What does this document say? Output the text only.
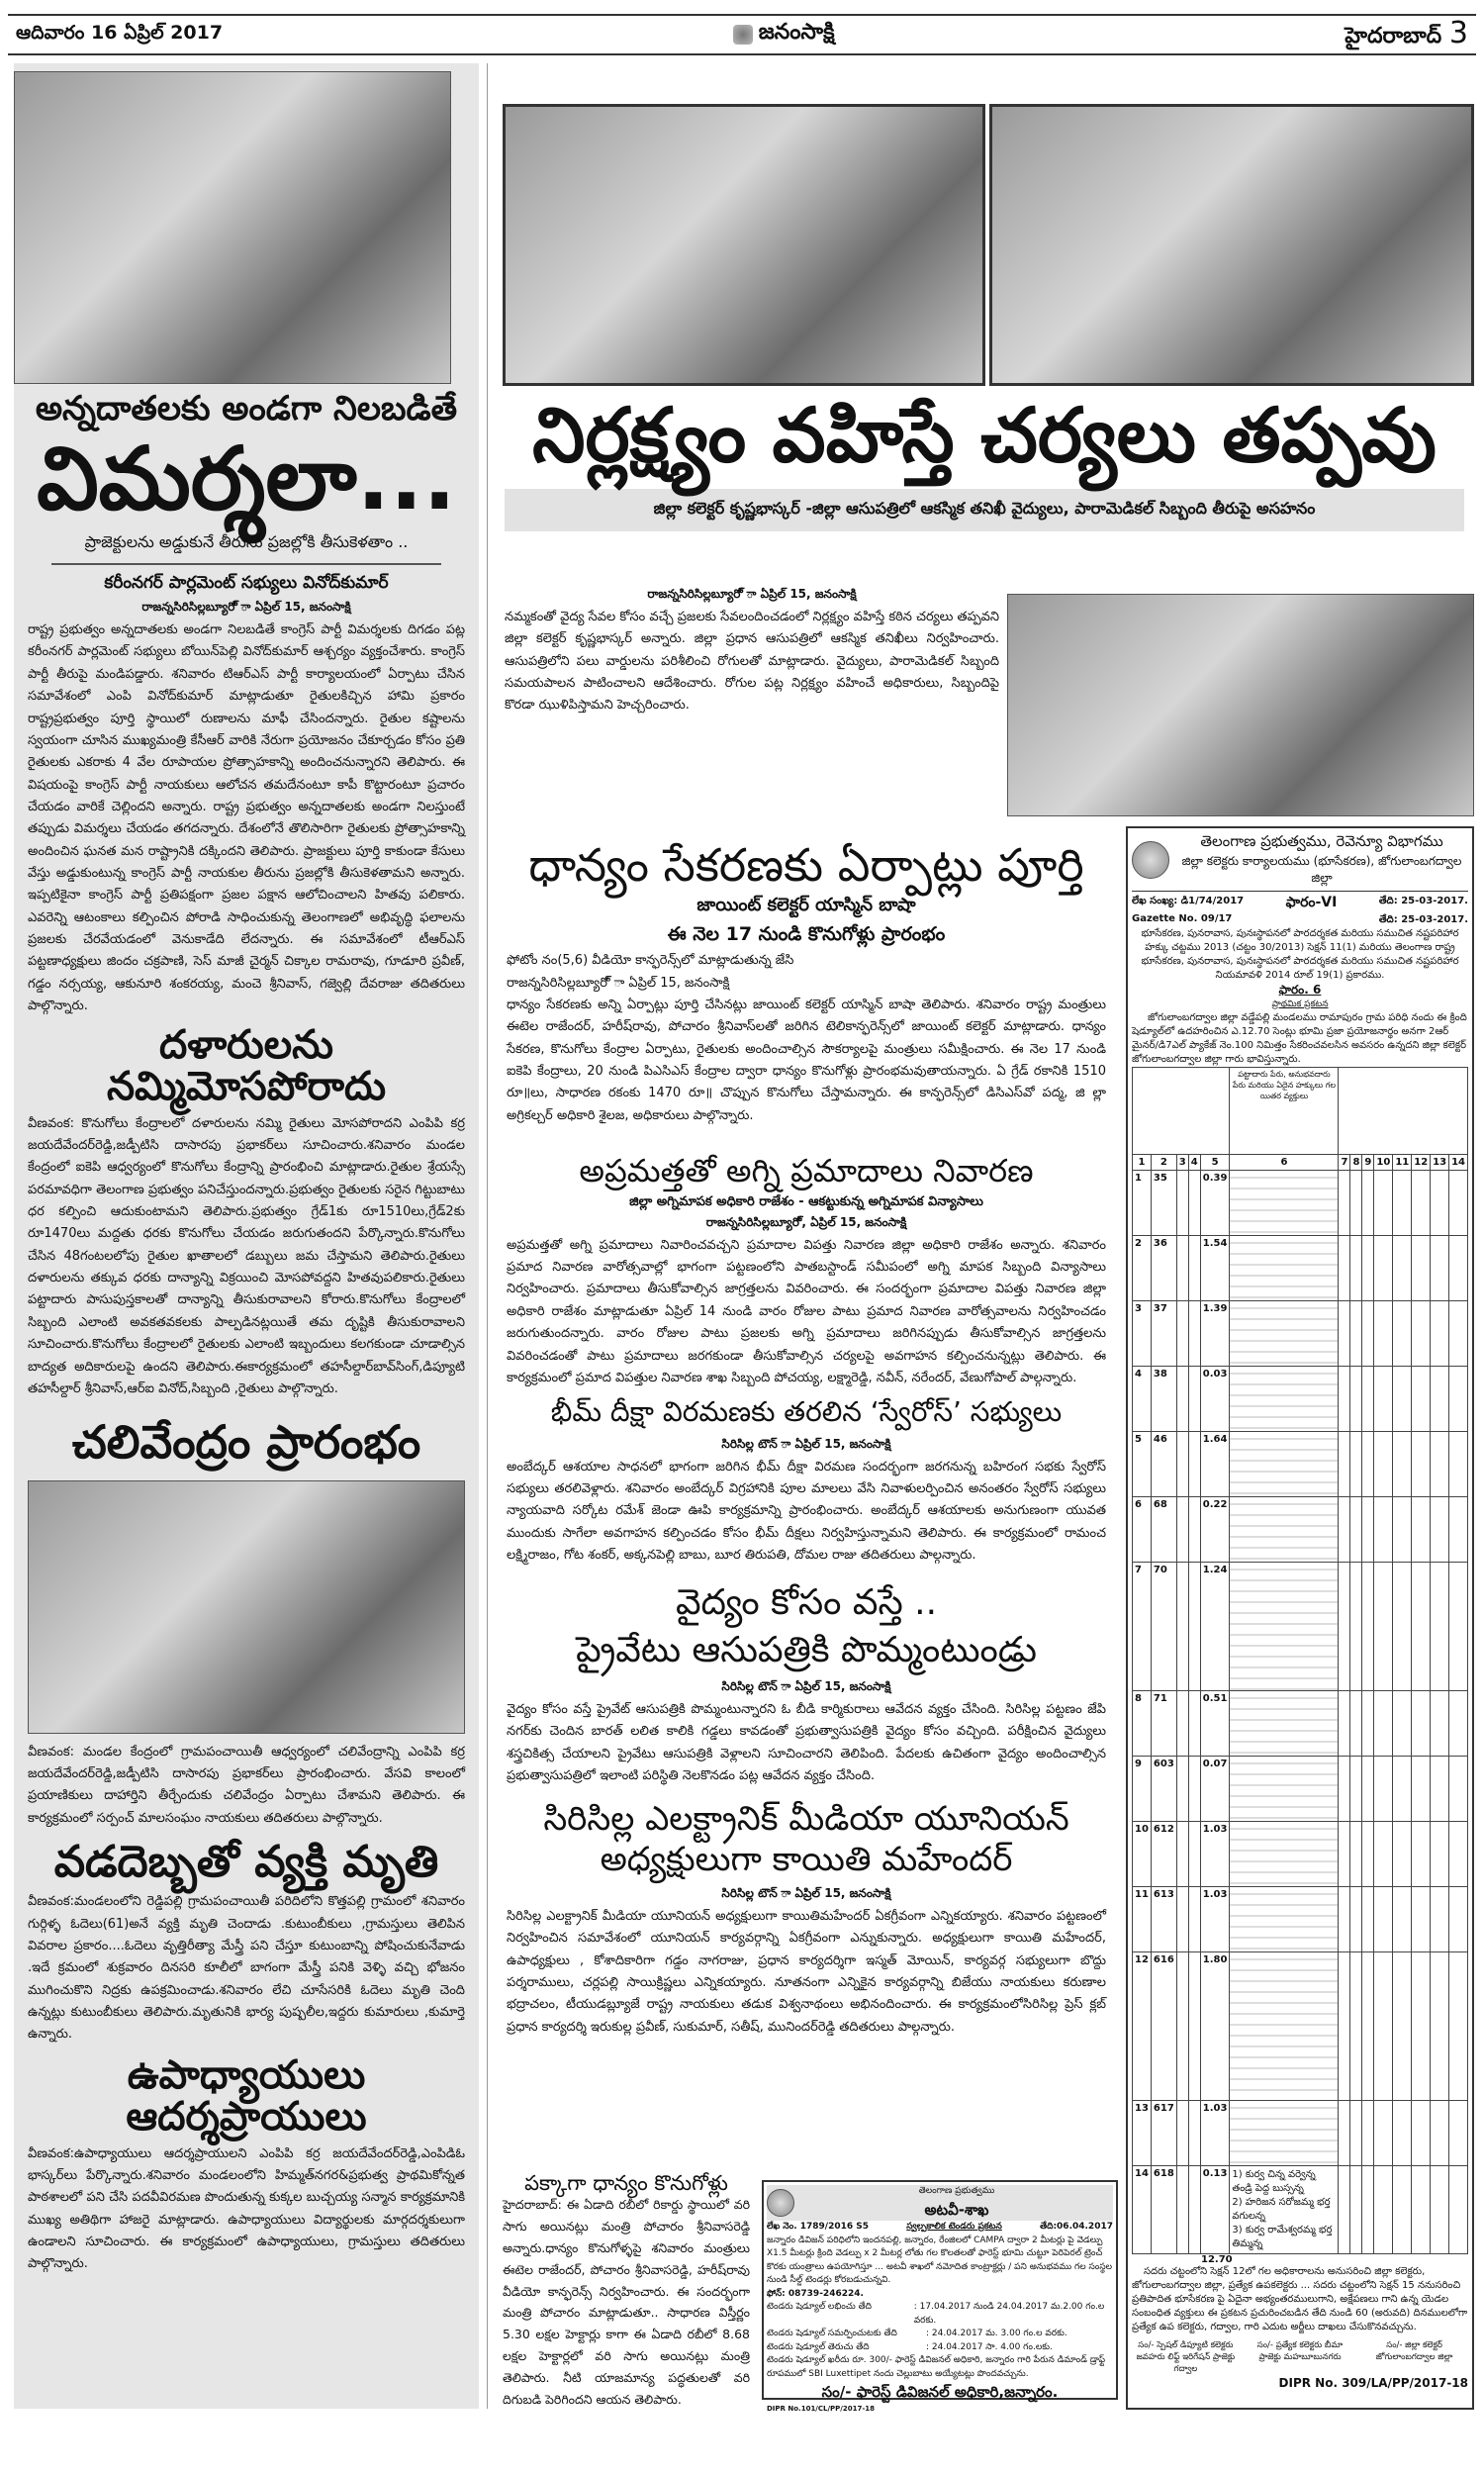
ఆదివారం 16 ఏప్రిల్ 2017	జనంసాక్షి	హైదరాబాద్ 3
అన్నదాతలకు అండగా నిలబడితే
విమర్శలా...
ప్రాజెక్టులను అడ్డుకునే తీరును ప్రజల్లోకి తీసుకెళతాం ..
కరీంనగర్ పార్లమెంట్ సభ్యులు వినోద్‌కుమార్
రాజన్నసిరిసిల్లబ్యూరో్ ా ఏప్రిల్ 15, జనంసాక్షి
రాష్ట్ర ప్రభుత్వం అన్నదాతలకు అండగా నిలబడితే కాంగ్రెస్ పార్టీ విమర్శలకు దిగడం పట్ల కరీంనగర్ పార్లమెంట్ సభ్యులు బోయిన్‌పెల్లి వినోద్‌కుమార్ ఆశ్చర్యం వ్యక్తంచేశారు. కాంగ్రెస్ పార్టీ తీరుపై మండిపడ్డారు. శనివారం టిఆర్ఎస్ పార్టీ కార్యాలయంలో ఏర్పాటు చేసిన సమావేశంలో ఎంపి వినోద్‌కుమార్ మాట్లాడుతూ రైతులకిచ్చిన హామి ప్రకారం రాష్ట్రప్రభుత్వం పూర్తి స్థాయిలో రుణాలను మాఫీ చేసిందన్నారు. రైతుల కష్టాలను స్వయంగా చూసిన ముఖ్యమంత్రి కేసీఆర్ వారికి నేరుగా ప్రయోజనం చేకూర్చడం కోసం ప్రతి రైతులకు ఎకరాకు 4 వేల రూపాయల ప్రోత్సాహకాన్ని అందించనున్నారని తెలిపారు. ఈ విషయంపై కాంగ్రెస్ పార్టీ నాయకులు ఆలోచన తమదేనంటూ కాపీ కొట్టారంటూ ప్రచారం చేయడం వారికే చెల్లిందని అన్నారు. రాష్ట్ర ప్రభుత్వం అన్నదాతలకు అండగా నిలస్తుంటే తప్పుడు విమర్శలు చేయడం తగదన్నారు. దేశంలోనే తొలిసారిగా రైతులకు ప్రోత్సాహకాన్ని అందించిన ఘనత మన రాష్ట్రానికి దక్కిందని తెలిపారు. ప్రాజక్టులు పూర్తి కాకుండా కేసులు వేస్తు అడ్డుకుంటున్న కాంగ్రెస్ పార్టీ నాయకుల తీరును ప్రజల్లోకి తీసుకెళతామని అన్నారు. ఇప్పటికైనా కాంగ్రెస్ పార్టీ ప్రతిపక్షంగా ప్రజల పక్షాన ఆలోచించాలని హితవు పలికారు. ఎవరెన్ని ఆటంకాలు కల్పించిన పోరాడి సాధించుకున్న తెలంగాణలో అభివృద్ధి ఫలాలను ప్రజలకు చేరవేయడంలో వెనుకాడేది లేదన్నారు. ఈ సమావేశంలో టీఆర్ఎస్ పట్టణాధ్యక్షులు జిందం చక్రపాణి, సెస్ మాజీ చైర్మన్ చిక్కాల రామరావు, గూడూరి ప్రవీణ్, గడ్డం నర్సయ్య, ఆకునూరి శంకరయ్య, మంచె శ్రీనివాస్, గజ్వెల్లి దేవరాజు తదితరులు పాల్గొన్నారు.
దళారులను నమ్మిమోసపోరాదు
వీణవంక: కొనుగోలు కేంద్రాలలో దళారులను నమ్మి రైతులు మోసపోరాదని ఎంపిపి కర్ర జయదేవేందర్‌రెడ్డి,జడ్పీటిసి దాసారపు ప్రభాకర్‌లు సూచించారు.శనివారం మండల కేంద్రంలో ఐకెపి ఆధ్వర్యంలో కొనుగోలు కేంద్రాన్ని ప్రారంభించి మాట్లాడారు.రైతుల శ్రేయస్సే పరమావధిగా తెలంగాణ ప్రభుత్వం పనిచేస్తుందన్నారు.ప్రభుత్వం రైతులకు సరైన గిట్టుబాటు ధర కల్పించి ఆదుకుంటామని తెలిపారు.ప్రభుత్వం గ్రేడ్1కు రూ1510లు,గ్రేడ్2కు రూ1470లు మద్దతు ధరకు కొనుగోలు చేయడం జరుగుతందని పేర్కొన్నారు.కొనుగోలు చేసిన 48గంటలలోపు రైతుల ఖాతాలలో డబ్బులు జమ చేస్తామని తెలిపారు.రైతులు దళారులను తక్కువ ధరకు దాన్యాన్ని విక్రయించి మోసపోవద్దని హితవుపలికారు.రైతులు పట్టాదారు పాసుపుస్తకాలతో దాన్యాన్ని తీసుకురావాలని కోరారు.కొనుగోలు కేంద్రాలలో సిబ్బంది ఎలాంటి అవకతవకలకు పాల్పడినట్లయితే తమ దృష్టికి తీసుకురావాలని సూచించారు.కొనుగోలు కేంద్రాలలో రైతులకు ఎలాంటి ఇబ్బందులు కలగకుండా చూడాల్సిన బాద్యత అదికారులపై ఉందని తెలిపారు.ఈకార్యక్రమంలో తహసీల్దార్‌బావ్‌సింగ్,డిప్యూటి తహసీల్దార్ శ్రీనివాస్,ఆర్‌ఐ వినోద్,సిబ్బంది ,రైతులు పాల్గొన్నారు.
చలివేంద్రం ప్రారంభం
వీణవంక: మండల కేంద్రంలో గ్రామపంచాయితీ ఆధ్వర్యంలో చలివేంద్రాన్ని ఎంపిపి కర్ర జయదేవేందర్‌రెడ్డి,జడ్పీటిసి దాసారపు ప్రభాకర్‌లు ప్రారంభించారు. వేసవి కాలంలో ప్రయాణికులు దాహార్తిని తీర్చేందుకు చలివేంద్రం ఏర్పాటు చేశామని తెలిపారు. ఈ కార్యక్రమంలో సర్పంచ్ మాలసంఘం నాయకులు తదితరులు పాల్గొన్నారు.
వడదెబ్బతో వ్యక్తి మృతి
వీణవంక:మండలంలోని రెడ్డిపల్లి గ్రామపంచాయితీ పరిదిలోని కొత్తపల్లి గ్రామంలో శనివారం గుర్గిళ్ళ ఓదెలు(61)అనే వ్యక్తి మృతి చెందాడు .కుటుంబీకులు ,గ్రామస్తులు తెలిపిన వివరాల ప్రకారం....ఓదెలు వృత్తిరీత్యా మేస్త్రీ పని చేస్తూ కుటుంబాన్ని పోషించుకునేవాడు .ఇదే క్రమంలో శుక్రవారం దినసరి కూలీలో బాగంగా మేస్త్రీ పనికి వెళ్ళి వచ్చి భోజనం ముగించుకొని నిద్రకు ఉపక్రమించాడు.శనివారం లేచి చూసేసరికి ఓదెలు మృతి చెంది ఉన్నట్లు కుటుంబీకులు తెలిపారు.మృతునికి భార్య పుష్పలీల,ఇద్దరు కుమారులు ,కుమార్తె ఉన్నారు.
ఉపాధ్యాయులు ఆదర్శప్రాయులు
వీణవంక:ఉపాధ్యాయులు ఆదర్శప్రాయులని ఎంపిపి కర్ర జయదేవేందర్‌రెడ్డి,ఎంపిడిఓ భాస్కర్‌లు పేర్కొన్నారు.శనివారం మండలంలోని హిమ్మత్‌నగర&ప్రభుత్వ ప్రాథమికోన్నత పాఠశాలలో పని చేసి పదవీవిరమణ పొందుతున్న కుక్కల బుచ్చయ్య సన్మాన కార్యక్రమానికి ముఖ్య అతిథిగా హాజరై మాట్లాడారు. ఉపాధ్యాయులు విద్యార్థులకు మార్గదర్శకులుగా ఉండాలని సూచించారు. ఈ కార్యక్రమంలో ఉపాధ్యాయులు, గ్రామస్తులు తదితరులు పాల్గొన్నారు.
నిర్లక్ష్యం వహిస్తే చర్యలు తప్పవు
జిల్లా కలెక్టర్ కృష్ణభాస్కర్ -జిల్లా ఆసుపత్రిలో ఆకస్మిక తనిఖీ వైద్యులు, పారామెడికల్ సిబ్బంది తీరుపై అసహనం
రాజన్నసిరిసిల్లబ్యూరో్ ా ఏప్రిల్ 15, జనంసాక్షి
నమ్మకంతో వైద్య సేవల కోసం వచ్చే ప్రజలకు సేవలందించడంలో నిర్లక్ష్యం వహిస్తే కఠిన చర్యలు తప్పవని జిల్లా కలెక్టర్ కృష్ణభాస్కర్ అన్నారు. జిల్లా ప్రధాన ఆసుపత్రిలో ఆకస్మిక తనిఖీలు నిర్వహించారు. ఆసుపత్రిలోని పలు వార్డులను పరిశీలించి రోగులతో మాట్లాడారు. వైద్యులు, పారామెడికల్ సిబ్బంది సమయపాలన పాటించాలని ఆదేశించారు. రోగుల పట్ల నిర్లక్ష్యం వహించే అధికారులు, సిబ్బందిపై కొరడా ఝుళిపిస్తామని హెచ్చరించారు.
ధాన్యం సేకరణకు ఏర్పాట్లు పూర్తి
జాయింట్ కలెక్టర్ యాస్మిన్ బాషా
ఈ నెల 17 నుండి కొనుగోళ్లు ప్రారంభం
ఫోటోం నం(5,6) వీడియో కాన్ఫరెన్స్‌లో మాట్లాడుతున్న జేసి
రాజన్నసిరిసిల్లబ్యూరో్ ా ఏప్రిల్ 15, జనంసాక్షి
ధాన్యం సేకరణకు అన్ని ఏర్పాట్లు పూర్తి చేసినట్లు జాయింట్ కలెక్టర్ యాస్మిన్ బాషా తెలిపారు. శనివారం రాష్ట్ర మంత్రులు ఈటెల రాజేందర్, హరీష్‌రావు, పోచారం శ్రీనివాస్‌లతో జరిగిన టెలికాన్ఫరెన్స్‌లో జాయింట్ కలెక్టర్ మాట్లాడారు. ధాన్యం సేకరణ, కొనుగోలు కేంద్రాల ఏర్పాటు, రైతులకు అందించాల్సిన సౌకర్యాలపై మంత్రులు సమీక్షించారు. ఈ నెల 17 నుండి ఐకెపి కేంద్రాలు, 20 నుండి పిఎసిఎస్ కేంద్రాల ద్వారా ధాన్యం కొనుగోళ్లు ప్రారంభమవుతాయన్నారు. ఏ గ్రేడ్ రకానికి 1510 రూ॥లు, సాధారణ రకంకు 1470 రూ॥ చొప్పున కొనుగోలు చేస్తామన్నారు. ఈ కాన్ఫరెన్స్‌లో డిసిఎస్‌వో పద్మ, జి ల్లా అగ్రికల్చర్ అధికారి శైలజ, అధికారులు పాల్గొన్నారు.
అప్రమత్తతో అగ్ని ప్రమాదాలు నివారణ
జిల్లా అగ్నిమాపక అధికారి రాజేశం - ఆకట్టుకున్న అగ్నిమాపక విన్యాసాలు
రాజన్నసిరిసిల్లబ్యూరో్, ఏప్రిల్ 15, జనంసాక్షి
అప్రమత్తతో అగ్ని ప్రమాదాలు నివారించవచ్చని ప్రమాదాల విపత్తు నివారణ జిల్లా అధికారి రాజేశం అన్నారు. శనివారం ప్రమాద నివారణ వారోత్సవాల్లో భాగంగా పట్టణంలోని పాతబస్టాండ్ సమీపంలో అగ్ని మాపక సిబ్బంది విన్యాసాలు నిర్వహించారు. ప్రమాదాలు తీసుకోవాల్సిన జాగ్రత్తలను వివరించారు. ఈ సందర్భంగా ప్రమాదాల విపత్తు నివారణ జిల్లా అధికారి రాజేశం మాట్లాడుతూ ఏప్రిల్ 14 నుండి వారం రోజుల పాటు ప్రమాద నివారణ వారోత్సవాలను నిర్వహించడం జరుగుతుందన్నారు. వారం రోజుల పాటు ప్రజలకు అగ్ని ప్రమాదాలు జరిగినప్పుడు తీసుకోవాల్సిన జాగ్రత్తలను వివరించడంతో పాటు ప్రమాదాలు జరగకుండా తీసుకోవాల్సిన చర్యలపై అవగాహన కల్పించనున్నట్లు తెలిపారు. ఈ కార్యక్రమంలో ప్రమాద విపత్తుల నివారణ శాఖ సిబ్బంది పోచయ్య, లక్ష్మారెడ్డి, నవీన్, నరేందర్, వేణుగోపాల్ పాల్గన్నారు.
భీమ్ దీక్షా విరమణకు తరలిన ‘స్వేరోస్’ సభ్యులు
సిరిసిల్ల టౌన్ ా ఏప్రిల్ 15, జనంసాక్షి
అంబేద్కర్ ఆశయాల సాధనలో భాగంగా జరిగిన భీమ్ దీక్షా విరమణ సందర్భంగా జరగనున్న బహిరంగ సభకు స్వేరోస్ సభ్యులు తరలివెళ్లారు. శనివారం అంబేద్కర్ విగ్రహానికి పూల మాలలు వేసి నివాళులర్పించిన అనంతరం స్వేరోస్ సభ్యులు న్యాయవాది సర్కోట రమేశ్ జెండా ఊపి కార్యక్రమాన్ని ప్రారంభించారు. అంబేద్కర్ ఆశయాలకు అనుగుణంగా యువత ముందుకు సాగేలా అవగాహన కల్పించడం కోసం భీమ్ దీక్షలు నిర్వహిస్తున్నామని తెలిపారు. ఈ కార్యక్రమంలో రామంచ లక్ష్మిరాజం, గోట శంకర్, అక్కనపెల్లి బాబు, బూర తిరుపతి, దోమల రాజు తదితరులు పాల్గన్నారు.
వైద్యం కోసం వస్తే ..
ప్రైవేటు ఆసుపత్రికి పొమ్మంటుండ్రు
సిరిసిల్ల టౌన్ ా ఏప్రిల్ 15, జనంసాక్షి
వైద్యం కోసం వస్తే ప్రైవేట్ ఆసుపత్రికి పొమ్మంటున్నారని ఓ బీడి కార్మికురాలు ఆవేదన వ్యక్తం చేసింది. సిరిసిల్ల పట్టణం జేపి నగర్‌కు చెందిన బారత్ లలిత కాలికి గడ్డలు కావడంతో ప్రభుత్వాసుపత్రికి వైద్యం కోసం వచ్చింది. పరీక్షించిన వైద్యులు శస్త్రచికిత్స చేయాలని ప్రైవేటు ఆసుపత్రికి వెళ్లాలని సూచించారని తెలిపింది. పేదలకు ఉచితంగా వైద్యం అందించాల్సిన ప్రభుత్వాసుపత్రిలో ఇలాంటి పరిస్థితి నెలకొనడం పట్ల ఆవేదన వ్యక్తం చేసింది.
సిరిసిల్ల ఎలక్ట్రానిక్ మీడియా యూనియన్
అధ్యక్షులుగా కాయితి మహేందర్
సిరిసిల్ల టౌన్ ా ఏప్రిల్ 15, జనంసాక్షి
సిరిసిల్ల ఎలక్ట్రానిక్ మీడియా యూనియన్ అధ్యక్షులుగా కాయితిమహేందర్ ఏకగ్రీవంగా ఎన్నికయ్యారు. శనివారం పట్టణంలో నిర్వహించిన సమావేశంలో యూనియన్ కార్యవర్గాన్ని ఏకగ్రీవంగా ఎన్నుకున్నారు. అధ్యక్షులుగా కాయితి మహేందర్, ఉపాధ్యక్షులు , కోశాదికారిగా గడ్డం నాగరాజు, ప్రధాన కార్యదర్శిగా ఇస్మత్ మోయిన్, కార్యవర్గ సభ్యులుగా బొద్దు పర్శరాములు, చర్లపల్లి సాయిక్రిష్ణలు ఎన్నికయ్యారు. నూతనంగా ఎన్నికైన కార్యవర్గాన్ని బిజేయు నాయకులు కరుణాల భద్రాచలం, టీయుడబ్ల్యూజే రాష్ట్ర నాయకులు తడుక విశ్వనాథంలు అభినందించారు. ఈ కార్యక్రమంలోసిరిసిల్ల ప్రెస్ క్లబ్ ప్రధాన కార్యదర్శి ఇరుకుల్ల ప్రవీణ్, సుకుమార్, సతీష్, మునిందర్‌రెడ్డి తదితరులు పాల్గన్నారు.
పక్కాగా ధాన్యం కొనుగోళ్లు
హైదరాబాద్: ఈ ఏడాది రబీలో రికార్డు స్థాయిలో వరి సాగు అయినట్లు మంత్రి పోచారం శ్రీనివాసరెడ్డి అన్నారు.ధాన్యం కొనుగోళ్ళపై శనివారం మంత్రులు ఈటెల రాజేందర్, పోచారం శ్రీనివాసరెడ్డి, హరీష్‌రావు వీడియో కాన్ఫరెన్స్ నిర్వహించారు. ఈ సందర్భంగా మంత్రి పోచారం మాట్లాడుతూ.. సాధారణ విస్తీర్ణం 5.30 లక్షల హెక్టార్లు కాగా ఈ ఏడాది రబీలో 8.68 లక్షల హెక్టార్లలో వరి సాగు అయినట్లు మంత్రి తెలిపారు. నీటి యాజమాన్య పద్ధతులతో వరి దిగుబడి పెరిగిందని ఆయన తెలిపారు.
తెలంగాణ ప్రభుత్వము
అటవీ-శాఖ
లేఖ నెం. 1789/2016 S5	స్వల్పకాలిక టెండరు ప్రకటన	తేది:06.04.2017
జన్నారం డివిజన్ పరిధిలోని ఇందనపల్లి, జన్నారం, రేంజిలలో CAMPA ద్వారా 2 మీటర్లు పై వెడల్పు X1.5 మీటర్లు క్రింది వెడల్పు x 2 మీటర్ల లోతు గల కొలతలతో ఫారెస్ట్ భూమి చుట్టూ పెరిపెరల్ ట్రెంచ్ కొరకు యంత్రాలు ఉపయోగిస్తూ ... అటవీ శాఖలో నమోదిత కాంట్రాక్టర్లు / పని అనుభవము గల సంస్థల నుండి సీల్డ్ టెండర్లు కోరబడుచున్నవి.
ఫోన్: 08739-246224.
టెండరు షెడ్యూల్ లభించు తేది	: 17.04.2017 నుండి 24.04.2017 మ.2.00 గం.ల వరకు.
టెండరు షెడ్యూల్ సమర్పించుటకు తేది	: 24.04.2017 మ. 3.00 గం.ల వరకు.
టెండరు షెడ్యూల్ తెరుచు తేది	: 24.04.2017 సా. 4.00 గం.లకు.
టెండరు షెడ్యూల్ ఖరీదు రూ. 300/- ఫారెస్ట్ డివిజనల్ అధికారి, జన్నారం గారి పేరున డిమాండ్ డ్రాఫ్ట్ రూపములో SBI Luxettipet నందు చెల్లుబాటు అయ్యేటట్లు పొందవచ్చును.
సం/- ఫారెస్ట్ డివిజనల్ అధికారి,జన్నారం.
DIPR No.101/CL/PP/2017-18
తెలంగాణ ప్రభుత్వము, రెవెన్యూ విభాగము
జిల్లా కలెక్టరు కార్యాలయము (భూసేకరణ), జోగులాంబగద్వాల జిల్లా
లేఖ సంఖ్య: డి1/74/2017	ఫారం-VI	తేది: 25-03-2017.
Gazette No. 09/17	తేది: 25-03-2017.
భూసేకరణ, పునరావాస, పునఃస్థాపనలో పారదర్శకత మరియు సముచిత నష్టపరిహార హక్కు చట్టము 2013 (చట్టం 30/2013) సెక్షన్ 11(1) మరియు తెలంగాణ రాష్ట్ర భూసేకరణ, పునరావాస, పునఃస్థాపనలో పారదర్శకత మరియు సముచిత నష్టపరిహార నియమావళి 2014 రూల్ 19(1) ప్రకారము.
ఫారం. 6
ప్రాథమిక ప్రకటన
జోగులాంబగద్వాల జిల్లా వడ్డేపల్లి మండలము రామాపురం గ్రామ పరిధి నందు ఈ క్రింది షెడ్యూల్‌లో ఉదహరించిన ఎ.12.70 సెంట్లు భూమి ప్రజా ప్రయోజనార్థం అనగా 2ఆర్ మైనర్/డి7ఎల్ ప్యాకేజ్ నెం.100 నిమిత్తం సేకరించవలసిన అవసరం ఉన్నదని జిల్లా కలెక్టర్ జోగులాంబగద్వాల జిల్లా గారు భావిస్తున్నారు.
					పట్టాదారు పేరు, అనుభవదారు పేరు మరియు ఏదైన హక్కులు గల యితర వ్యక్తులు								
1	2	3	4	5	6	7	8	9	10	11	12	13	14
1	35			0.39									
2	36			1.54									
3	37			1.39									
4	38			0.03									
5	46			1.64									
6	68			0.22									
7	70			1.24									
8	71			0.51									
9	603			0.07									
10	612			1.03									
11	613			1.03									
12	616			1.80									
13	617			1.03									
14	618			0.13	1) కుర్వ చిన్న వర్వెన్న తండ్రి పెద్ద బుస్సన్న
2) హరిజన సరోజమ్మ భర్త వగులన్న
3) కుర్వ రామేశ్వరమ్మ భర్త తిమ్మన్న								

12.70
సదరు చట్టంలోని సెక్షన్ 12లో గల అధికారాలను అనుసరించి జిల్లా కలెక్టరు, జోగులాంబగద్వాల జిల్లా, ప్రత్యేక ఉపకలెక్టరు ... సదరు చట్టంలోని సెక్షన్ 15 ననుసరించి ప్రతిపాదిత భూసేకరణ పై ఏదైనా అభ్యంతరములుగాని, అక్షేపణలు గాని ఉన్న యెడల సంబంధిత వ్యక్తులు ఈ ప్రకటన ప్రచురించబడిన తేది నుండి 60 (అరువది) దినములలోగా ప్రత్యేక ఉప కలెక్టరు, గద్వాల, గారి ఎదుట అర్జీలు దాఖలు చేసుకొనవచ్చును.
సం/- స్పెషల్ డిప్యూటి కలెక్టరు జవహరు లిఫ్ట్ ఇరిగేషన్ ప్రాజెక్టు గద్వాల
సం/- ప్రత్యేక కలెక్టరు బీమా ప్రాజెక్టు మహబూబునగరు
సం/- జిల్లా కలెక్టర్ జోగులాంబగద్వాల జిల్లా
DIPR No. 309/LA/PP/2017-18
